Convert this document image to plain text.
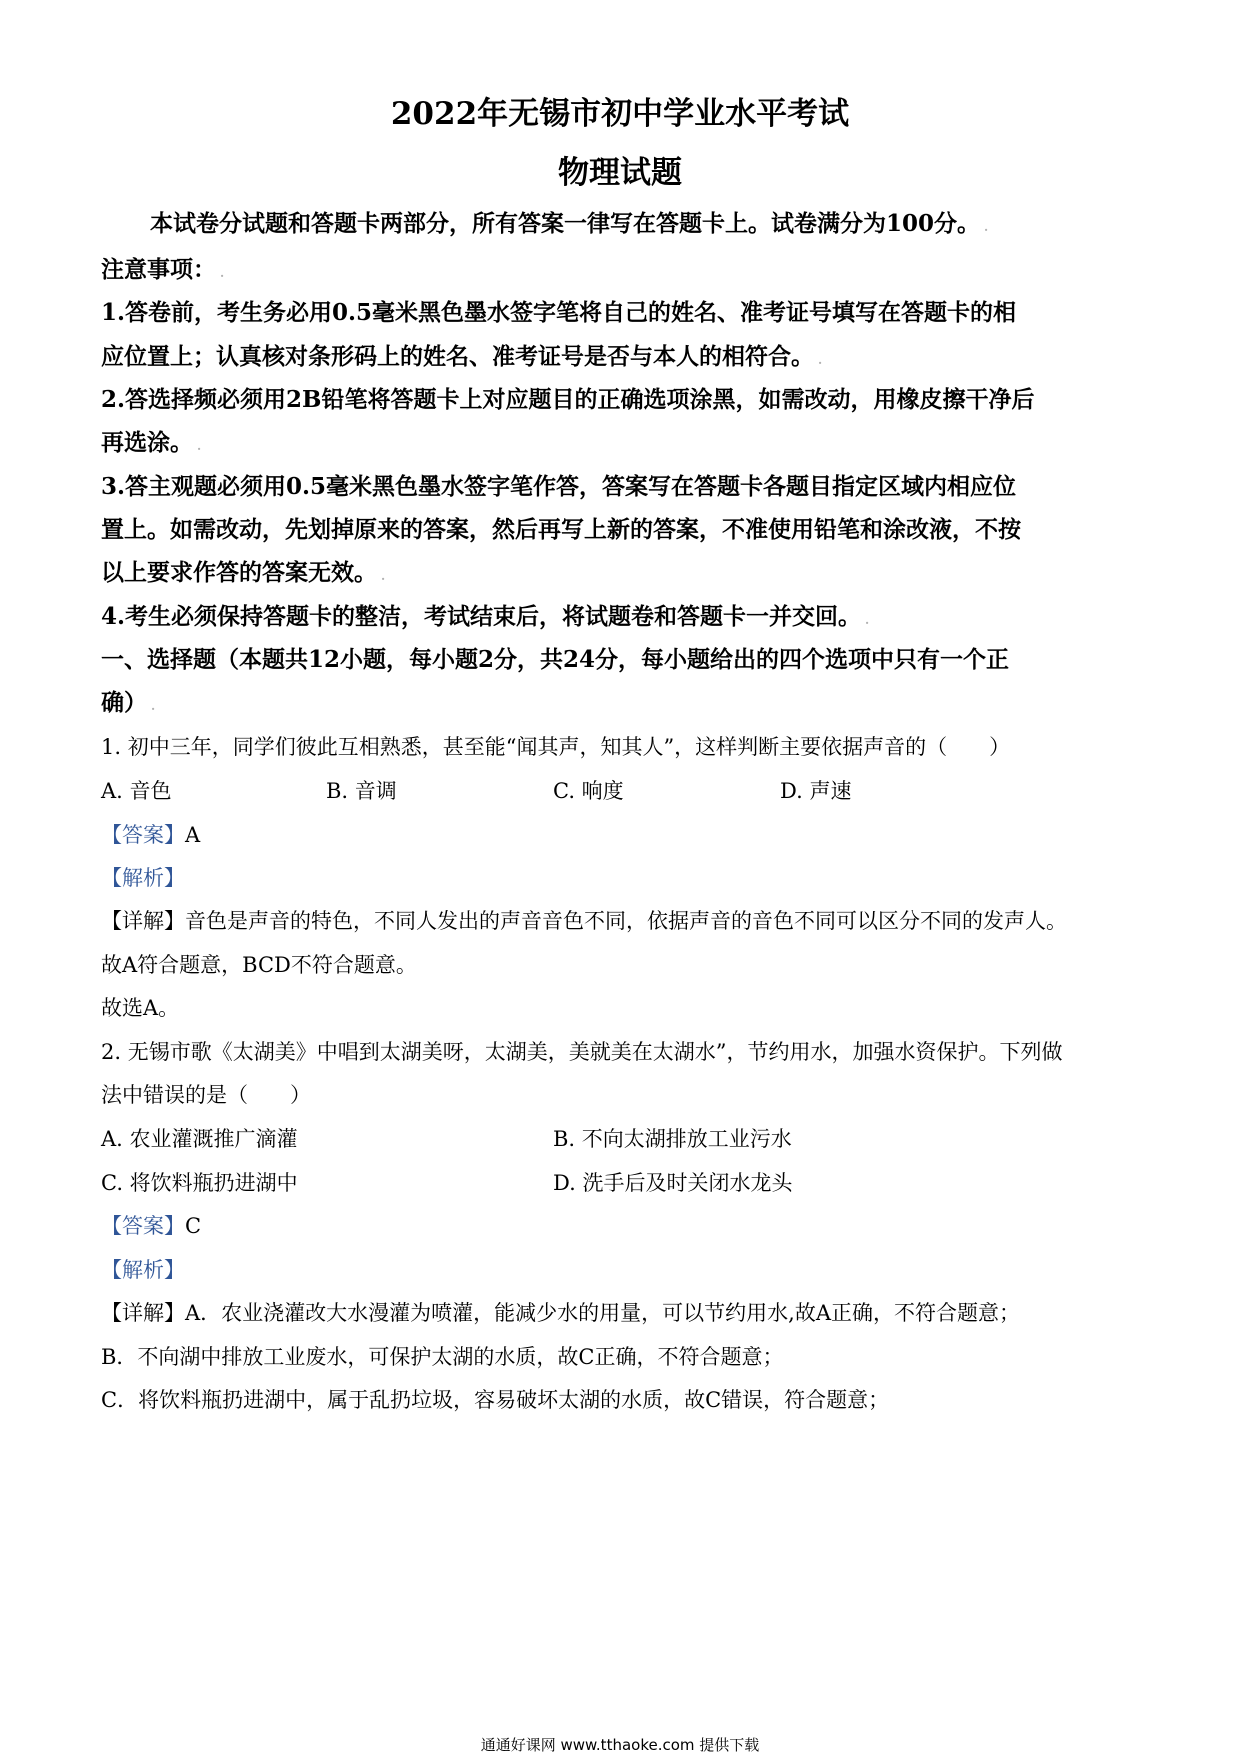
2022年无锡市初中学业水平考试
物理试题
本试卷分试题和答题卡两部分，所有答案一律写在答题卡上。试卷满分为100分。 .
注意事项： .
1.答卷前，考生务必用0.5毫米黑色墨水签字笔将自己的姓名、准考证号填写在答题卡的相
应位置上；认真核对条形码上的姓名、准考证号是否与本人的相符合。 .
2.答选择频必须用2B铅笔将答题卡上对应题目的正确选项涂黑，如需改动，用橡皮擦干净后
再选涂。 .
3.答主观题必须用0.5毫米黑色墨水签字笔作答，答案写在答题卡各题目指定区域内相应位
置上。如需改动，先划掉原来的答案，然后再写上新的答案，不准使用铅笔和涂改液，不按
以上要求作答的答案无效。 .
4.考生必须保持答题卡的整洁，考试结束后，将试题卷和答题卡一并交回。 .
一、选择题（本题共12小题，每小题2分，共24分，每小题给出的四个选项中只有一个正
确） .
1. 初中三年，同学们彼此互相熟悉，甚至能“闻其声，知其人”，这样判断主要依据声音的（　　）
A. 音色	B. 音调	C. 响度	D. 声速
【答案】A
【解析】
【详解】音色是声音的特色，不同人发出的声音音色不同，依据声音的音色不同可以区分不同的发声人。
故A符合题意，BCD不符合题意。
故选A。
2. 无锡市歌《太湖美》中唱到太湖美呀，太湖美，美就美在太湖水”，节约用水，加强水资保护。下列做
法中错误的是（　　）
A. 农业灌溉推广滴灌	B. 不向太湖排放工业污水
C. 将饮料瓶扔进湖中	D. 洗手后及时关闭水龙头
【答案】C
【解析】
【详解】A．农业浇灌改大水漫灌为喷灌，能减少水的用量，可以节约用水,故A正确，不符合题意；
B．不向湖中排放工业废水，可保护太湖的水质，故C正确，不符合题意；
C．将饮料瓶扔进湖中，属于乱扔垃圾，容易破坏太湖的水质，故C错误，符合题意；
通通好课网 www.tthaoke.com 提供下载
